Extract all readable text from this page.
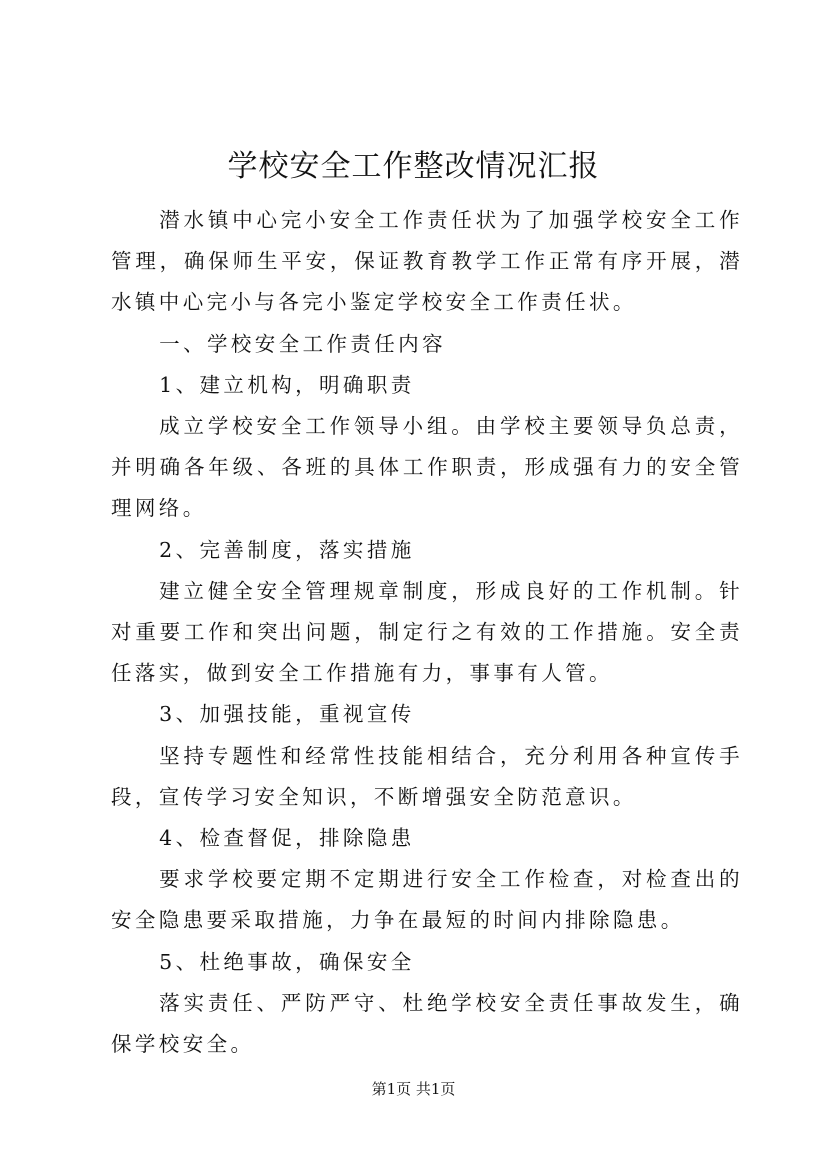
学校安全工作整改情况汇报

潜水镇中心完小安全工作责任状为了加强学校安全工作管理，确保师生平安，保证教育教学工作正常有序开展，潜水镇中心完小与各完小鉴定学校安全工作责任状。

一、学校安全工作责任内容

1、建立机构，明确职责

成立学校安全工作领导小组。由学校主要领导负总责，并明确各年级、各班的具体工作职责，形成强有力的安全管理网络。

2、完善制度，落实措施

建立健全安全管理规章制度，形成良好的工作机制。针对重要工作和突出问题，制定行之有效的工作措施。安全责任落实，做到安全工作措施有力，事事有人管。

3、加强技能，重视宣传

坚持专题性和经常性技能相结合，充分利用各种宣传手段，宣传学习安全知识，不断增强安全防范意识。

4、检查督促，排除隐患

要求学校要定期不定期进行安全工作检查，对检查出的安全隐患要采取措施，力争在最短的时间内排除隐患。

5、杜绝事故，确保安全

落实责任、严防严守、杜绝学校安全责任事故发生，确保学校安全。

第1页 共1页
